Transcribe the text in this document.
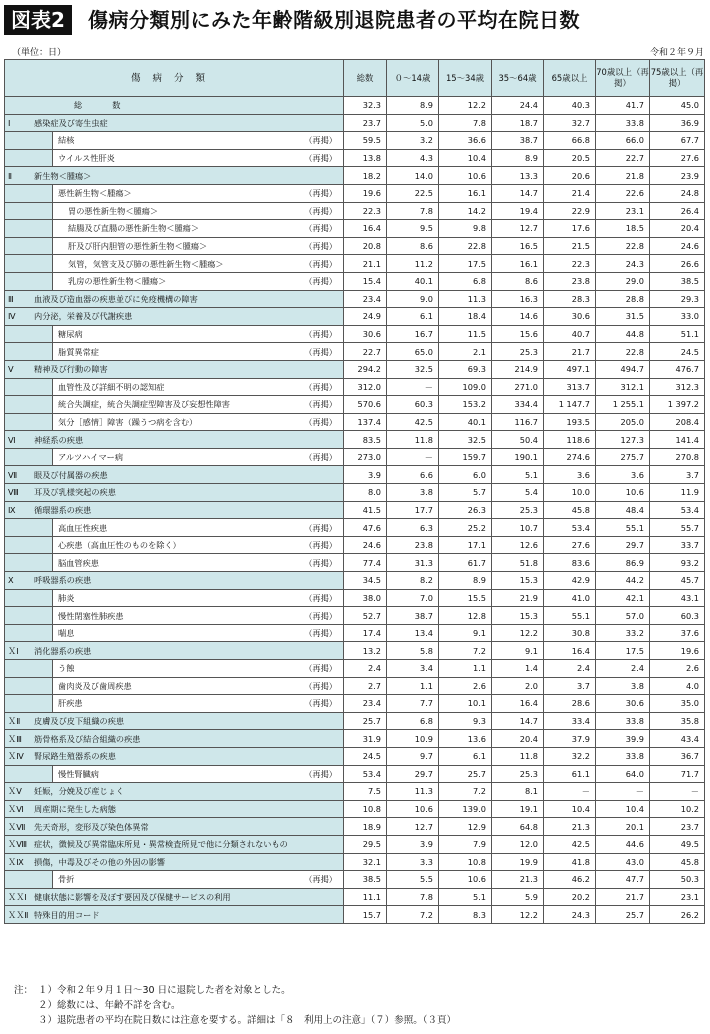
図表2	傷病分類別にみた年齢階級別退院患者の平均在院日数
（単位：日）	令和２年９月
傷病分類	総数	０～14歳	15～34歳	35～64歳	65歳以上	70歳以上（再掲）	75歳以上（再掲）

総数	32.3	8.9	12.2	24.4	40.3	41.7	45.0

Ⅰ 感染症及び寄生虫症	23.7	5.0	7.8	18.7	32.7	33.8	36.9

結核 （再掲）	59.5	3.2	36.6	38.7	66.8	66.0	67.7

ウイルス性肝炎 （再掲）	13.8	4.3	10.4	8.9	20.5	22.7	27.6

Ⅱ 新生物＜腫瘍＞	18.2	14.0	10.6	13.3	20.6	21.8	23.9

悪性新生物＜腫瘍＞ （再掲）	19.6	22.5	16.1	14.7	21.4	22.6	24.8

胃の悪性新生物＜腫瘍＞ （再掲）	22.3	7.8	14.2	19.4	22.9	23.1	26.4

結腸及び直腸の悪性新生物＜腫瘍＞ （再掲）	16.4	9.5	9.8	12.7	17.6	18.5	20.4

肝及び肝内胆管の悪性新生物＜腫瘍＞ （再掲）	20.8	8.6	22.8	16.5	21.5	22.8	24.6

気管，気管支及び肺の悪性新生物＜腫瘍＞ （再掲）	21.1	11.2	17.5	16.1	22.3	24.3	26.6

乳房の悪性新生物＜腫瘍＞ （再掲）	15.4	40.1	6.8	8.6	23.8	29.0	38.5

Ⅲ 血液及び造血器の疾患並びに免疫機構の障害	23.4	9.0	11.3	16.3	28.3	28.8	29.3

Ⅳ 内分泌，栄養及び代謝疾患	24.9	6.1	18.4	14.6	30.6	31.5	33.0

糖尿病 （再掲）	30.6	16.7	11.5	15.6	40.7	44.8	51.1

脂質異常症 （再掲）	22.7	65.0	2.1	25.3	21.7	22.8	24.5

Ⅴ 精神及び行動の障害	294.2	32.5	69.3	214.9	497.1	494.7	476.7

血管性及び詳細不明の認知症 （再掲）	312.0	－	109.0	271.0	313.7	312.1	312.3

統合失調症，統合失調症型障害及び妄想性障害 （再掲）	570.6	60.3	153.2	334.4	1 147.7	1 255.1	1 397.2

気分［感情］障害（躁うつ病を含む） （再掲）	137.4	42.5	40.1	116.7	193.5	205.0	208.4

Ⅵ 神経系の疾患	83.5	11.8	32.5	50.4	118.6	127.3	141.4

アルツハイマー病 （再掲）	273.0	－	159.7	190.1	274.6	275.7	270.8

Ⅶ 眼及び付属器の疾患	3.9	6.6	6.0	5.1	3.6	3.6	3.7

Ⅷ 耳及び乳様突起の疾患	8.0	3.8	5.7	5.4	10.0	10.6	11.9

Ⅸ 循環器系の疾患	41.5	17.7	26.3	25.3	45.8	48.4	53.4

高血圧性疾患 （再掲）	47.6	6.3	25.2	10.7	53.4	55.1	55.7

心疾患（高血圧性のものを除く） （再掲）	24.6	23.8	17.1	12.6	27.6	29.7	33.7

脳血管疾患 （再掲）	77.4	31.3	61.7	51.8	83.6	86.9	93.2

Ⅹ 呼吸器系の疾患	34.5	8.2	8.9	15.3	42.9	44.2	45.7

肺炎 （再掲）	38.0	7.0	15.5	21.9	41.0	42.1	43.1

慢性閉塞性肺疾患 （再掲）	52.7	38.7	12.8	15.3	55.1	57.0	60.3

喘息 （再掲）	17.4	13.4	9.1	12.2	30.8	33.2	37.6

ＸⅠ 消化器系の疾患	13.2	5.8	7.2	9.1	16.4	17.5	19.6

う蝕 （再掲）	2.4	3.4	1.1	1.4	2.4	2.4	2.6

歯肉炎及び歯周疾患 （再掲）	2.7	1.1	2.6	2.0	3.7	3.8	4.0

肝疾患 （再掲）	23.4	7.7	10.1	16.4	28.6	30.6	35.0

ＸⅡ 皮膚及び皮下組織の疾患	25.7	6.8	9.3	14.7	33.4	33.8	35.8

ＸⅢ 筋骨格系及び結合組織の疾患	31.9	10.9	13.6	20.4	37.9	39.9	43.4

ＸⅣ 腎尿路生殖器系の疾患	24.5	9.7	6.1	11.8	32.2	33.8	36.7

慢性腎臓病 （再掲）	53.4	29.7	25.7	25.3	61.1	64.0	71.7

ＸⅤ 妊娠，分娩及び産じょく	7.5	11.3	7.2	8.1	－	－	－

ＸⅥ 周産期に発生した病態	10.8	10.6	139.0	19.1	10.4	10.4	10.2

ＸⅦ 先天奇形，変形及び染色体異常	18.9	12.7	12.9	64.8	21.3	20.1	23.7

ＸⅧ 症状，徴候及び異常臨床所見・異常検査所見で他に分類されないもの	29.5	3.9	7.9	12.0	42.5	44.6	49.5

ＸⅨ 損傷，中毒及びその他の外因の影響	32.1	3.3	10.8	19.9	41.8	43.0	45.8

骨折 （再掲）	38.5	5.5	10.6	21.3	46.2	47.7	50.3

ＸＸⅠ 健康状態に影響を及ぼす要因及び保健サービスの利用	11.1	7.8	5.1	5.9	20.2	21.7	23.1

ＸＸⅡ 特殊目的用コード	15.7	7.2	8.3	12.2	24.3	25.7	26.2
注： １）令和２年９月１日～30 日に退院した者を対象とした。
２）総数には、年齢不詳を含む。
３）退院患者の平均在院日数には注意を要する。詳細は「８　利用上の注意」（７）参照。（３頁）
